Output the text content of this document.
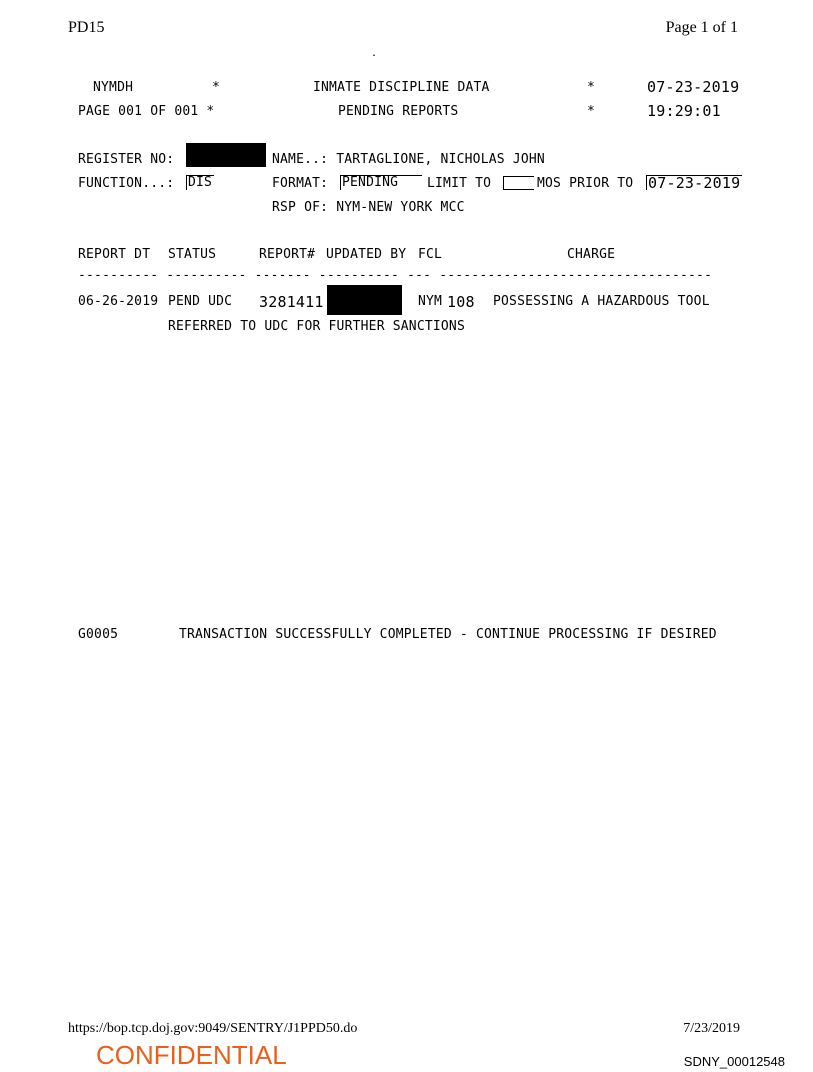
PD15	Page 1 of 1
.
NYMDH	*	INMATE DISCIPLINE DATA	*	07-23-2019
PAGE 001 OF 001 *	PENDING REPORTS	*	19:29:01
REGISTER NO:	NAME..: TARTAGLIONE, NICHOLAS JOHN
FUNCTION...: DIS	FORMAT: PENDING	LIMIT TO	MOS PRIOR TO 07-23-2019
RSP OF: NYM-NEW YORK MCC
REPORT DT STATUS	REPORT# UPDATED BY FCL	CHARGE
---------- ---------- ------- ---------- --- ----------------------------------
06-26-2019 PEND UDC 3281411	NYM 108 POSSESSING A HAZARDOUS TOOL
REFERRED TO UDC FOR FURTHER SANCTIONS
G0005	TRANSACTION SUCCESSFULLY COMPLETED - CONTINUE PROCESSING IF DESIRED
https://bop.tcp.doj.gov:9049/SENTRY/J1PPD50.do	7/23/2019
CONFIDENTIAL	SDNY_00012548
